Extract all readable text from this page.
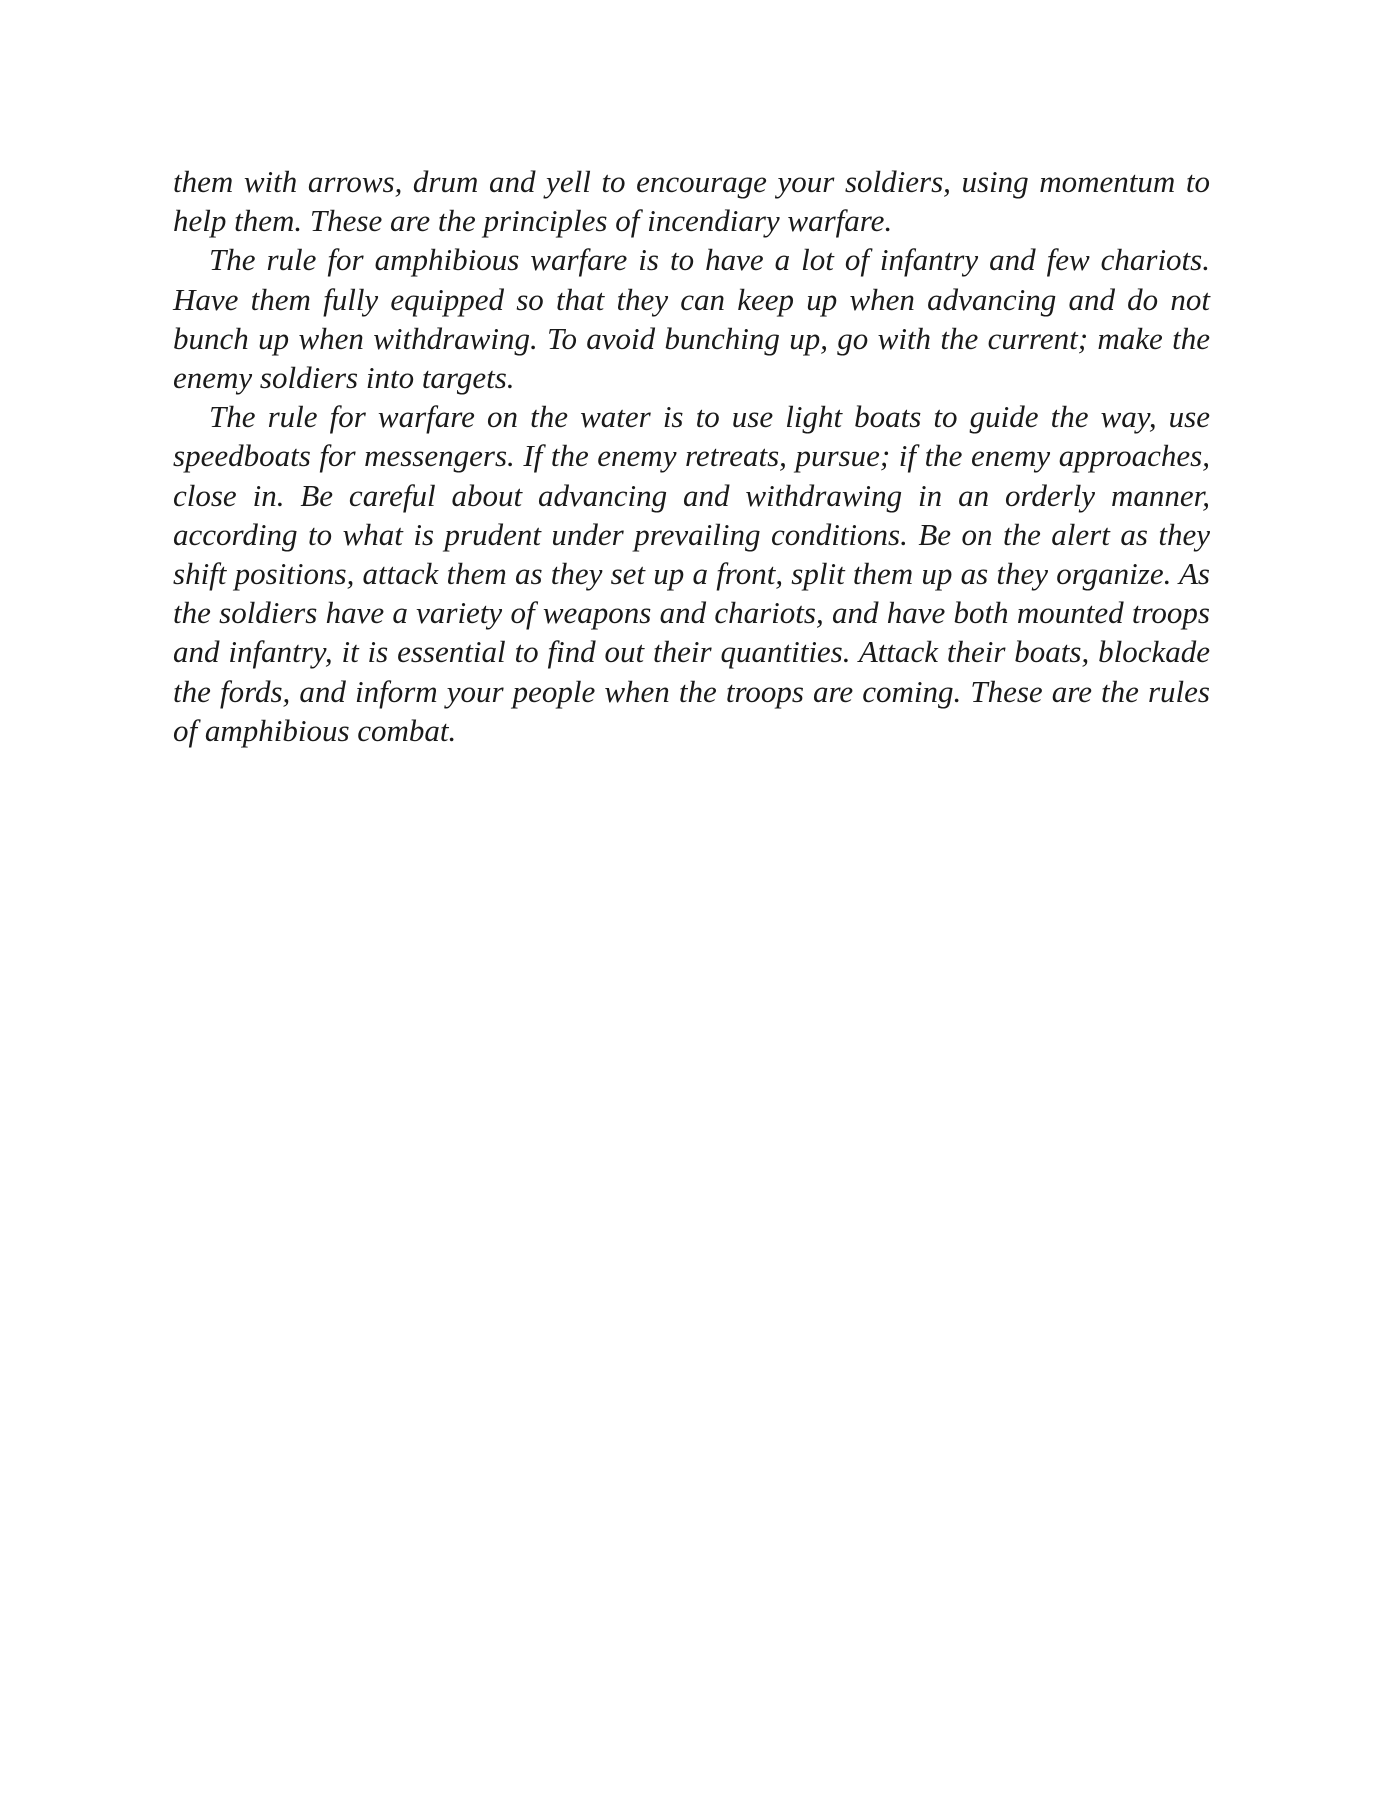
them with arrows, drum and yell to encourage your soldiers, using momentum to help them. These are the principles of incendiary warfare.

The rule for amphibious warfare is to have a lot of infantry and few chariots. Have them fully equipped so that they can keep up when advancing and do not bunch up when withdrawing. To avoid bunching up, go with the current; make the enemy soldiers into targets.

The rule for warfare on the water is to use light boats to guide the way, use speedboats for messengers. If the enemy retreats, pursue; if the enemy approaches, close in. Be careful about advancing and withdrawing in an orderly manner, according to what is prudent under prevailing conditions. Be on the alert as they shift positions, attack them as they set up a front, split them up as they organize. As the soldiers have a variety of weapons and chariots, and have both mounted troops and infantry, it is essential to find out their quantities. Attack their boats, blockade the fords, and inform your people when the troops are coming. These are the rules of amphibious combat.
